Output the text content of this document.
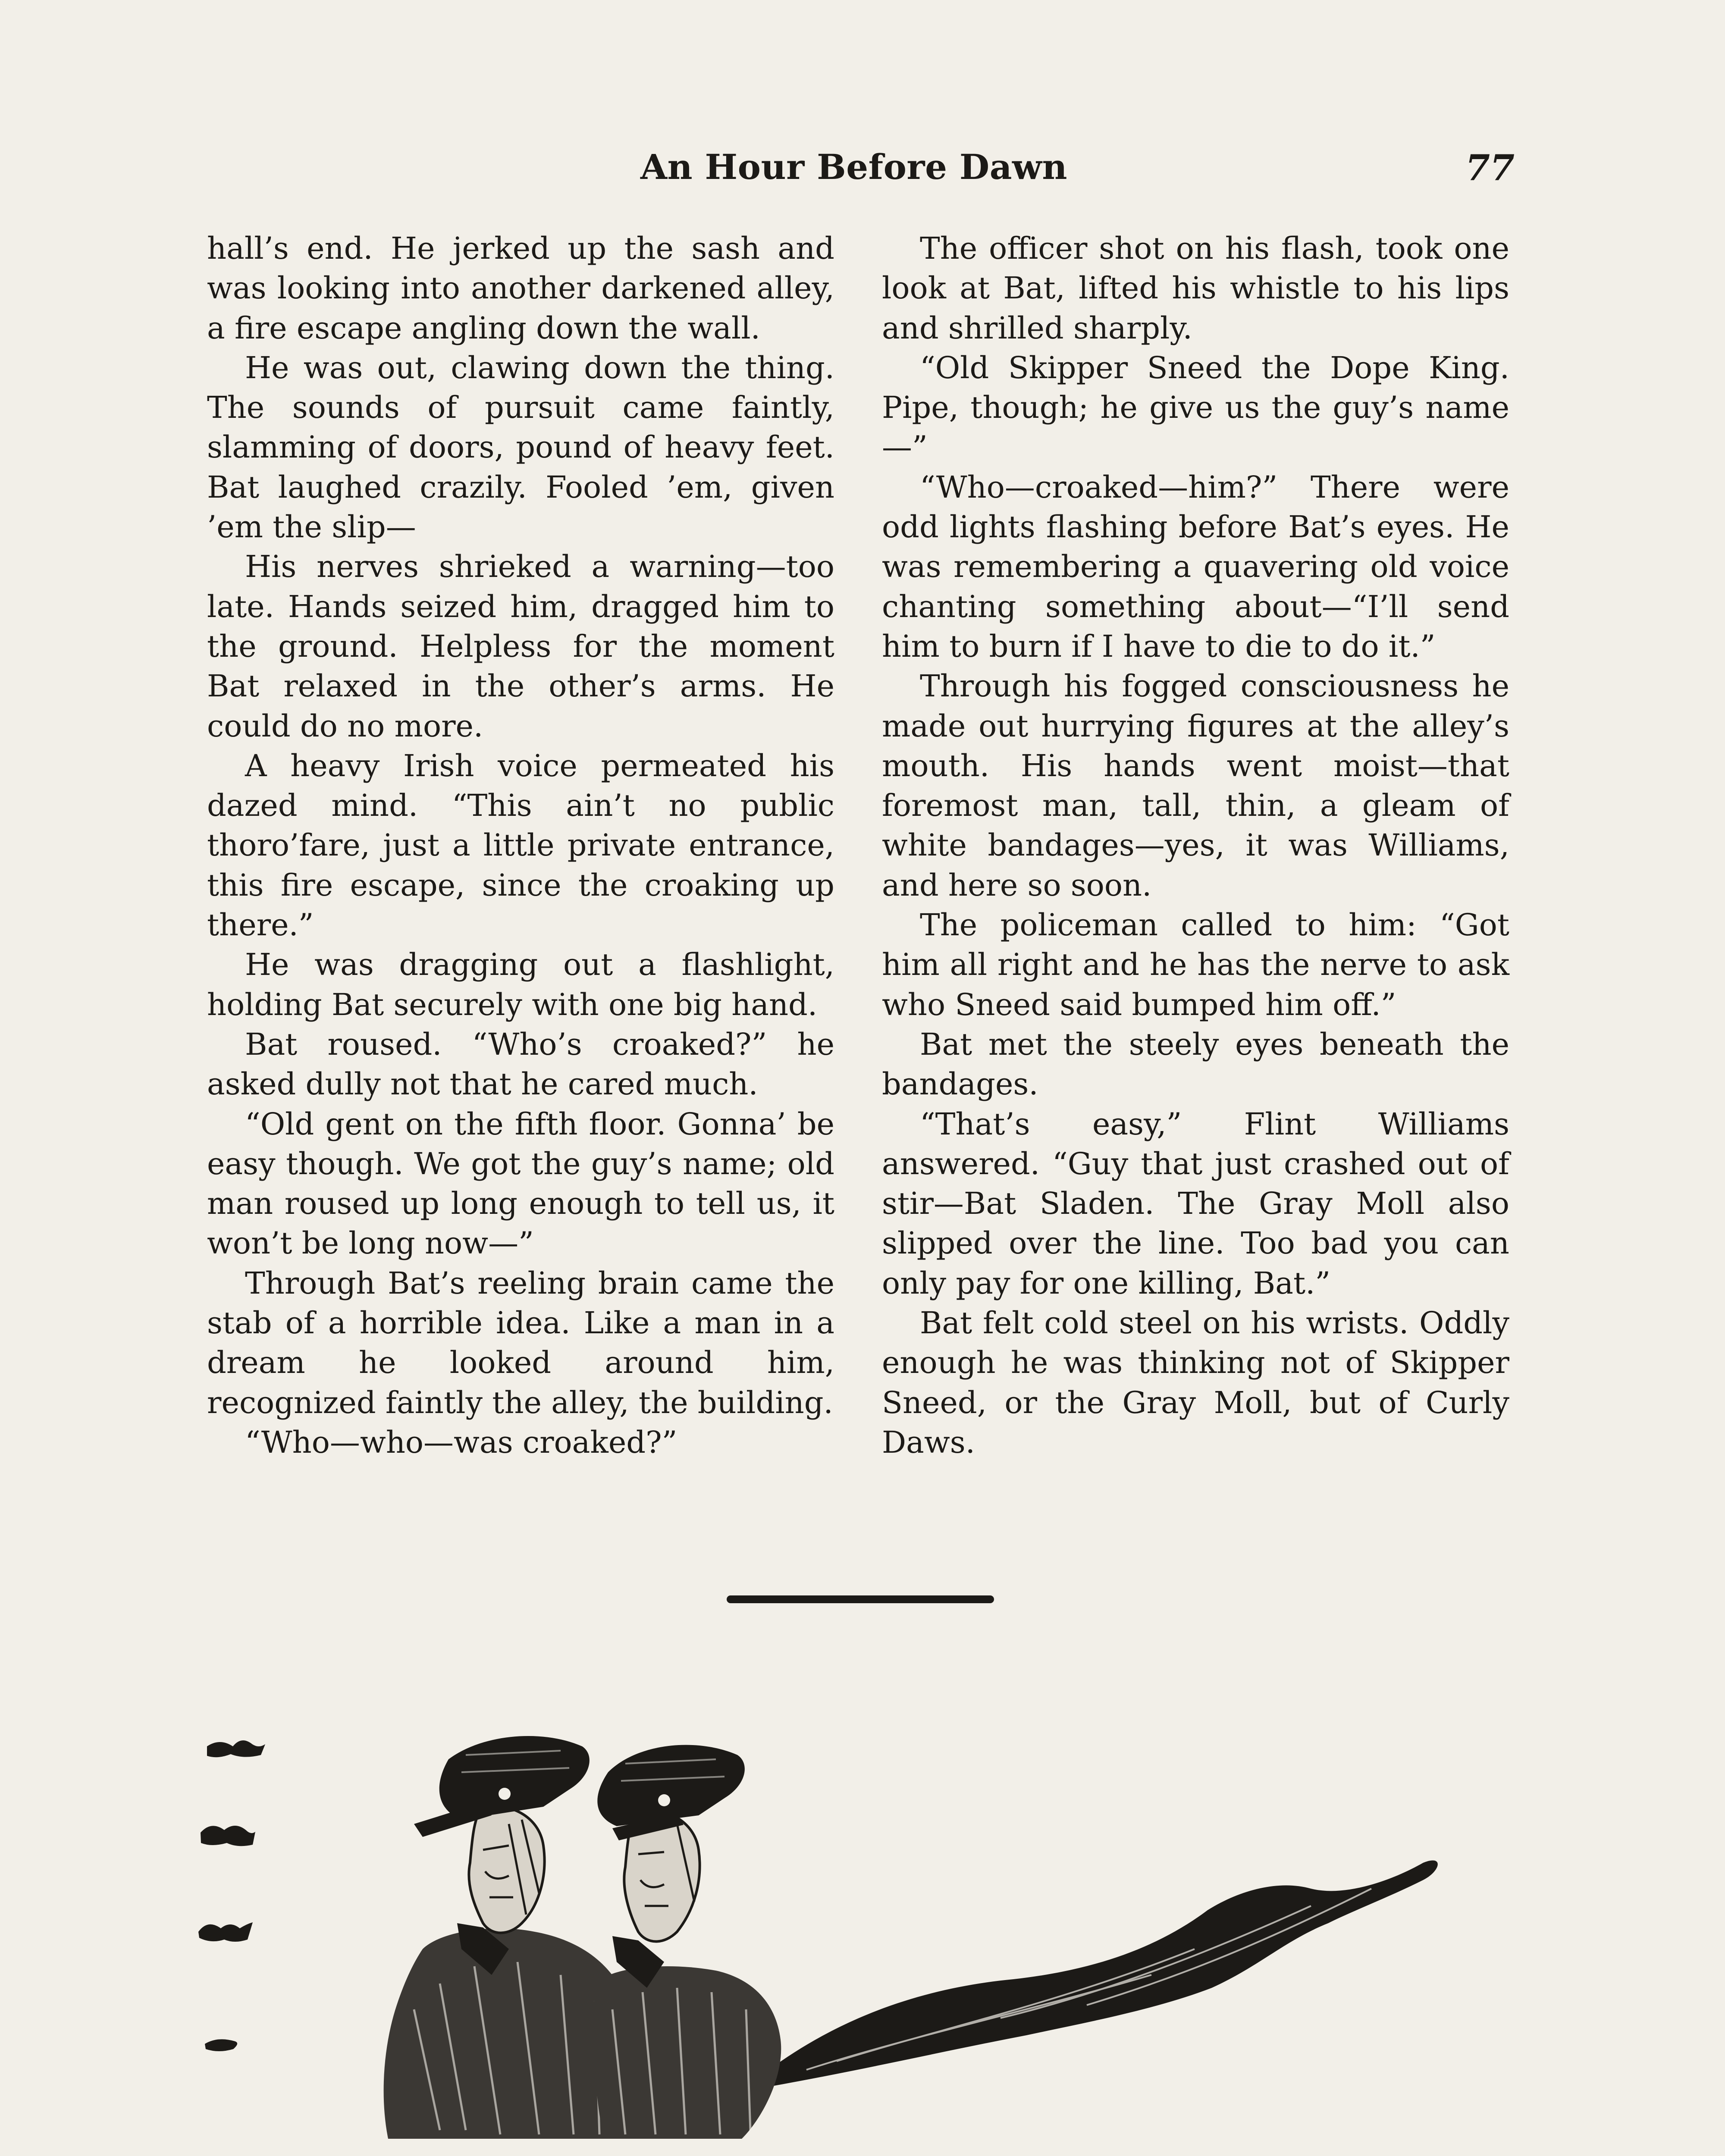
An Hour Before Dawn	77

hall’s end. He jerked up the sash and was looking into another darkened alley, a fire escape angling down the wall.

He was out, clawing down the thing. The sounds of pursuit came faintly, slamming of doors, pound of heavy feet. Bat laughed crazily. Fooled ’em, given ’em the slip—

His nerves shrieked a warning—too late. Hands seized him, dragged him to the ground. Helpless for the moment Bat relaxed in the other’s arms. He could do no more.

A heavy Irish voice permeated his dazed mind. “This ain’t no public thoro’fare, just a little private entrance, this fire escape, since the croaking up there.”

He was dragging out a flashlight, holding Bat securely with one big hand.

Bat roused. “Who’s croaked?” he asked dully not that he cared much.

“Old gent on the fifth floor. Gonna’ be easy though. We got the guy’s name; old man roused up long enough to tell us, it won’t be long now—”

Through Bat’s reeling brain came the stab of a horrible idea. Like a man in a dream he looked around him, recognized faintly the alley, the building.

“Who—who—was croaked?”

The officer shot on his flash, took one look at Bat, lifted his whistle to his lips and shrilled sharply.

“Old Skipper Sneed the Dope King. Pipe, though; he give us the guy’s name—”

“Who—croaked—him?” There were odd lights flashing before Bat’s eyes. He was remembering a quavering old voice chanting something about—“I’ll send him to burn if I have to die to do it.”

Through his fogged consciousness he made out hurrying figures at the alley’s mouth. His hands went moist—that foremost man, tall, thin, a gleam of white bandages—yes, it was Williams, and here so soon.

The policeman called to him: “Got him all right and he has the nerve to ask who Sneed said bumped him off.”

Bat met the steely eyes beneath the bandages.

“That’s easy,” Flint Williams answered. “Guy that just crashed out of stir—Bat Sladen. The Gray Moll also slipped over the line. Too bad you can only pay for one killing, Bat.”

Bat felt cold steel on his wrists. Oddly enough he was thinking not of Skipper Sneed, or the Gray Moll, but of Curly Daws.
